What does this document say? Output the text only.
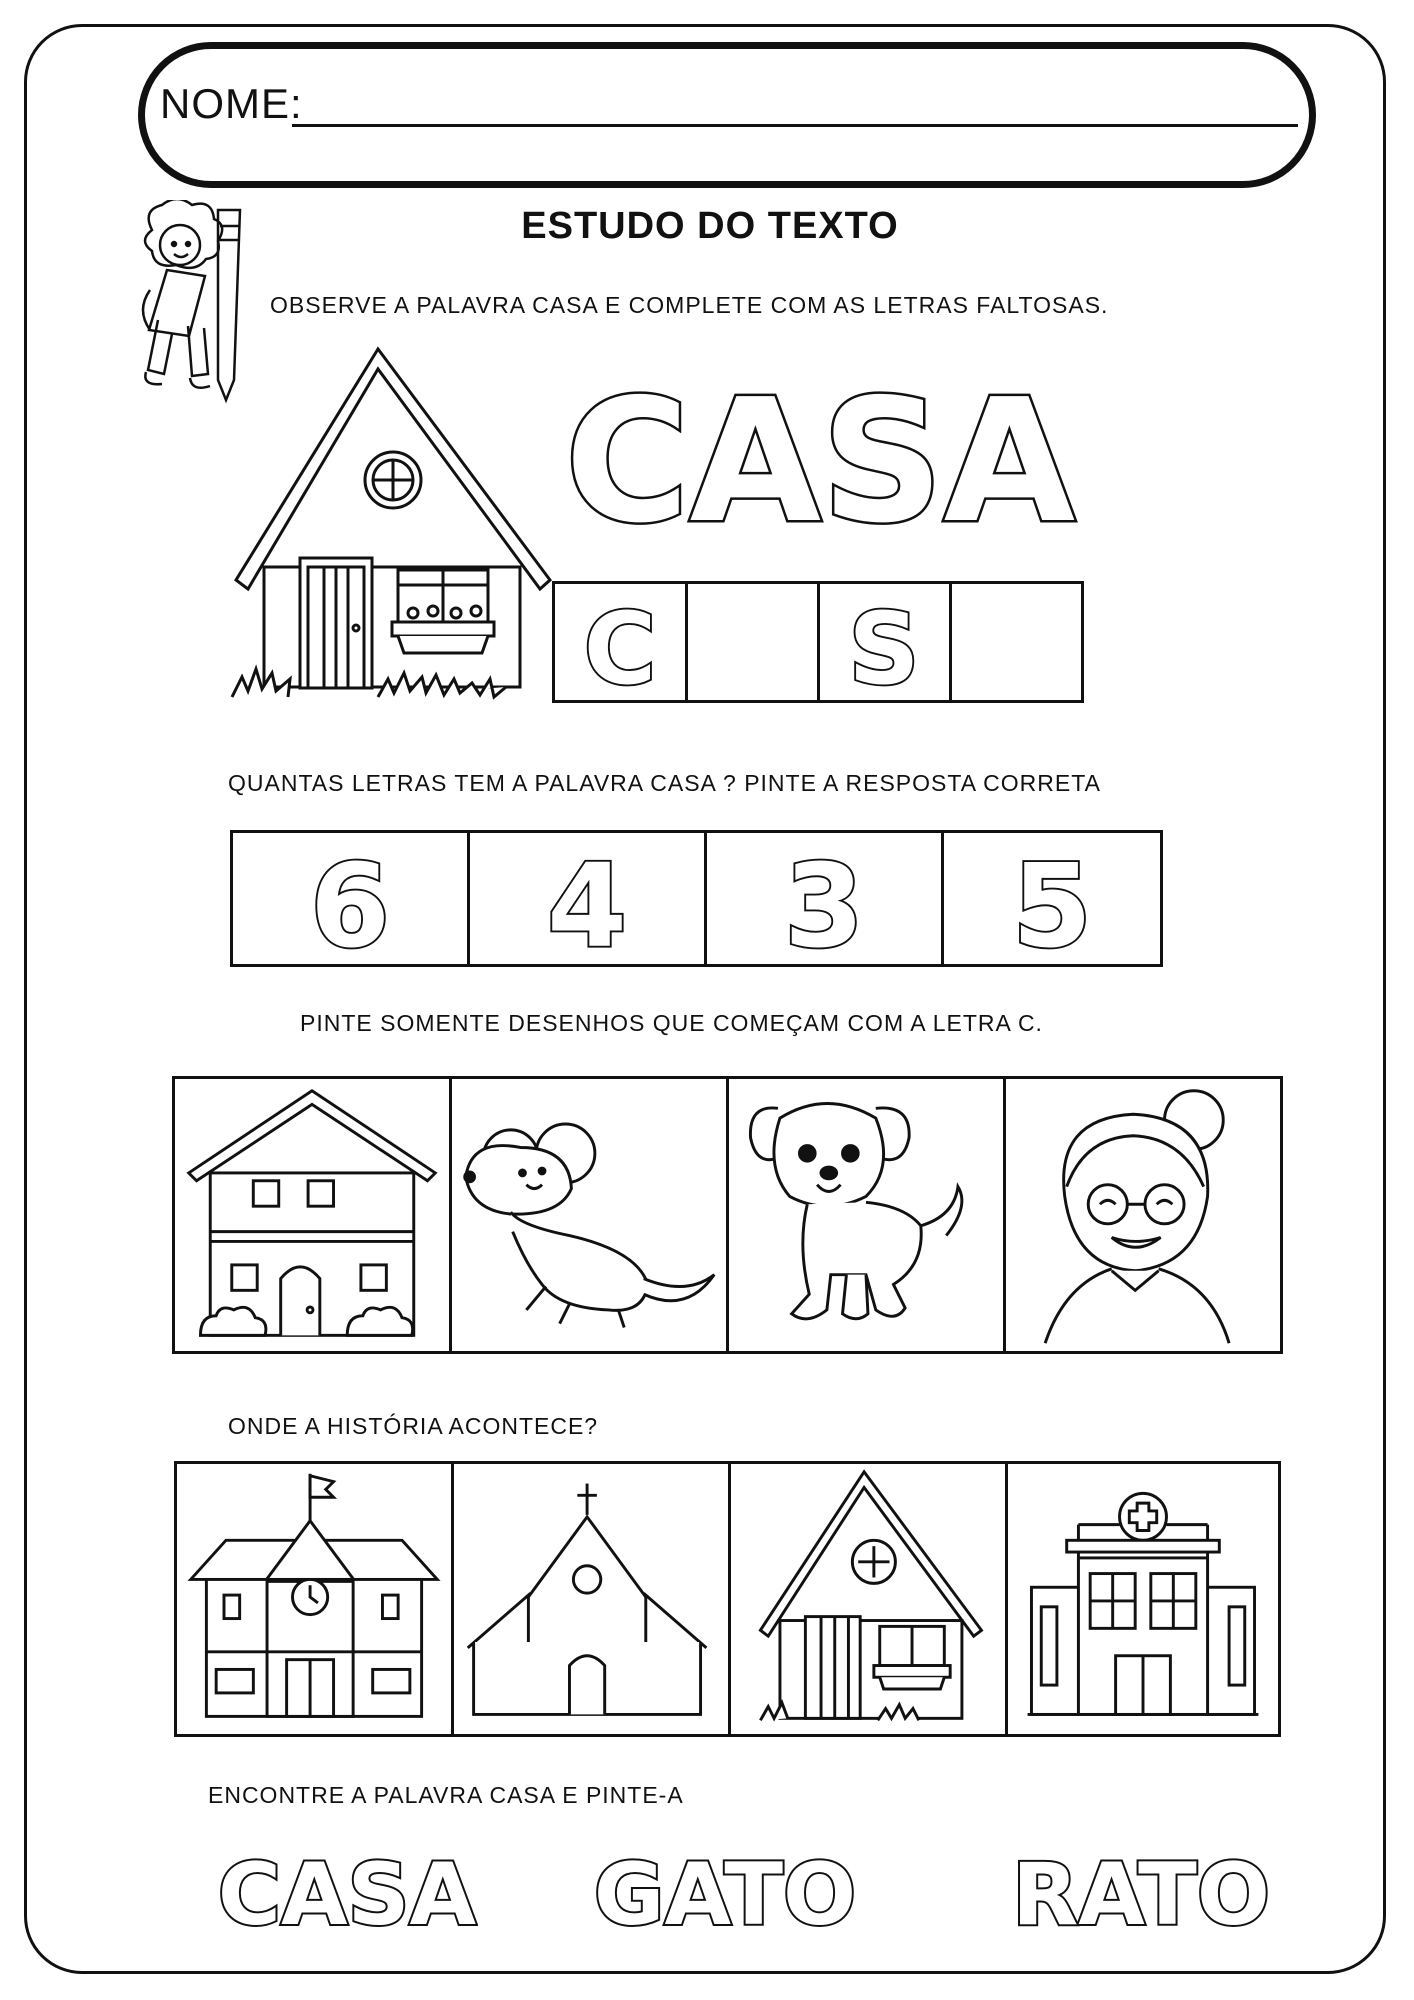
NOME:
ESTUDO DO TEXTO
OBSERVE A PALAVRA CASA E COMPLETE COM AS LETRAS FALTOSAS.
CASA
C S
QUANTAS LETRAS TEM A PALAVRA CASA ? PINTE A RESPOSTA CORRETA
6 4 3 5
PINTE SOMENTE DESENHOS QUE COMEÇAM COM A LETRA C.
ONDE A HISTÓRIA ACONTECE?
ENCONTRE A PALAVRA CASA E PINTE-A
CASA GATO RATO
